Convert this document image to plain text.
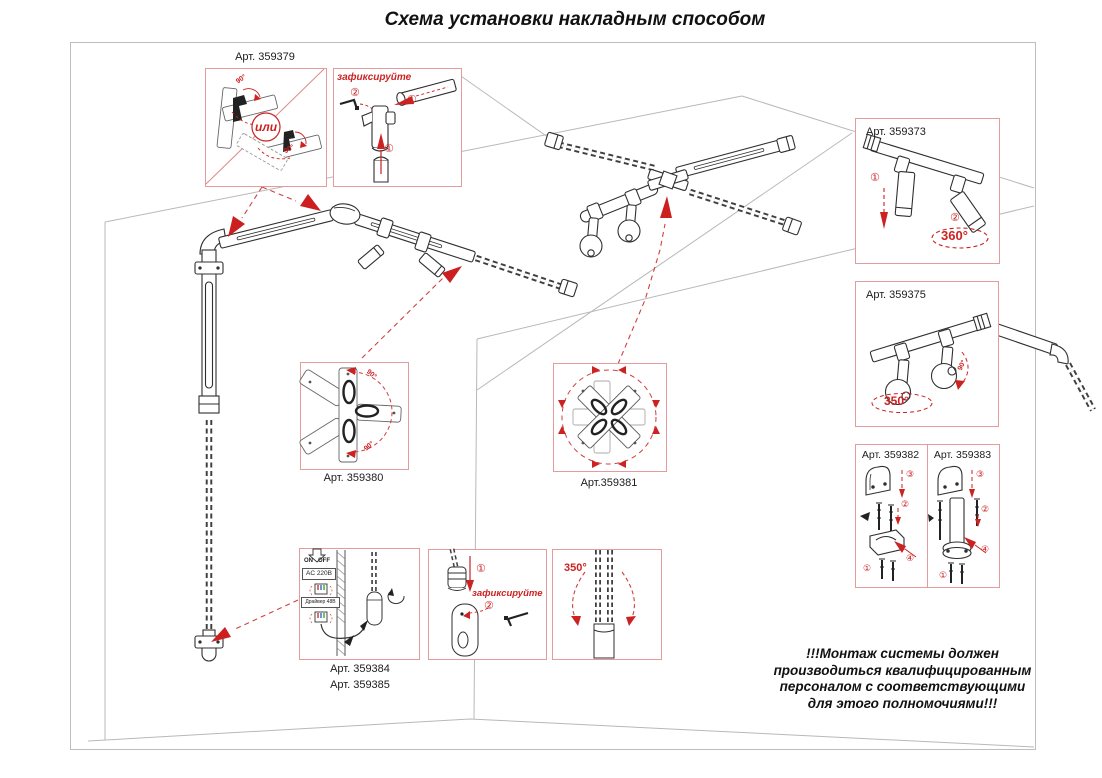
Схема установки накладным способом
Арт. 359379
или
90°
90°
зафиксируйте
②
①
①
Арт. 359373
①
②
360°
Арт. 359375
350°
90°
Арт. 359382
③
②
④
①
Арт. 359383
③
②
④
①
Арт. 359380
90°
90°
Арт.359381
ON OFF
AC 220В
Драйвер 48В
Арт. 359384
Арт. 359385
①
зафиксируйте
②
350°
!!!Монтаж системы должен
производиться квалифицированным
персоналом с соответствующими
для этого полномочиями!!!
